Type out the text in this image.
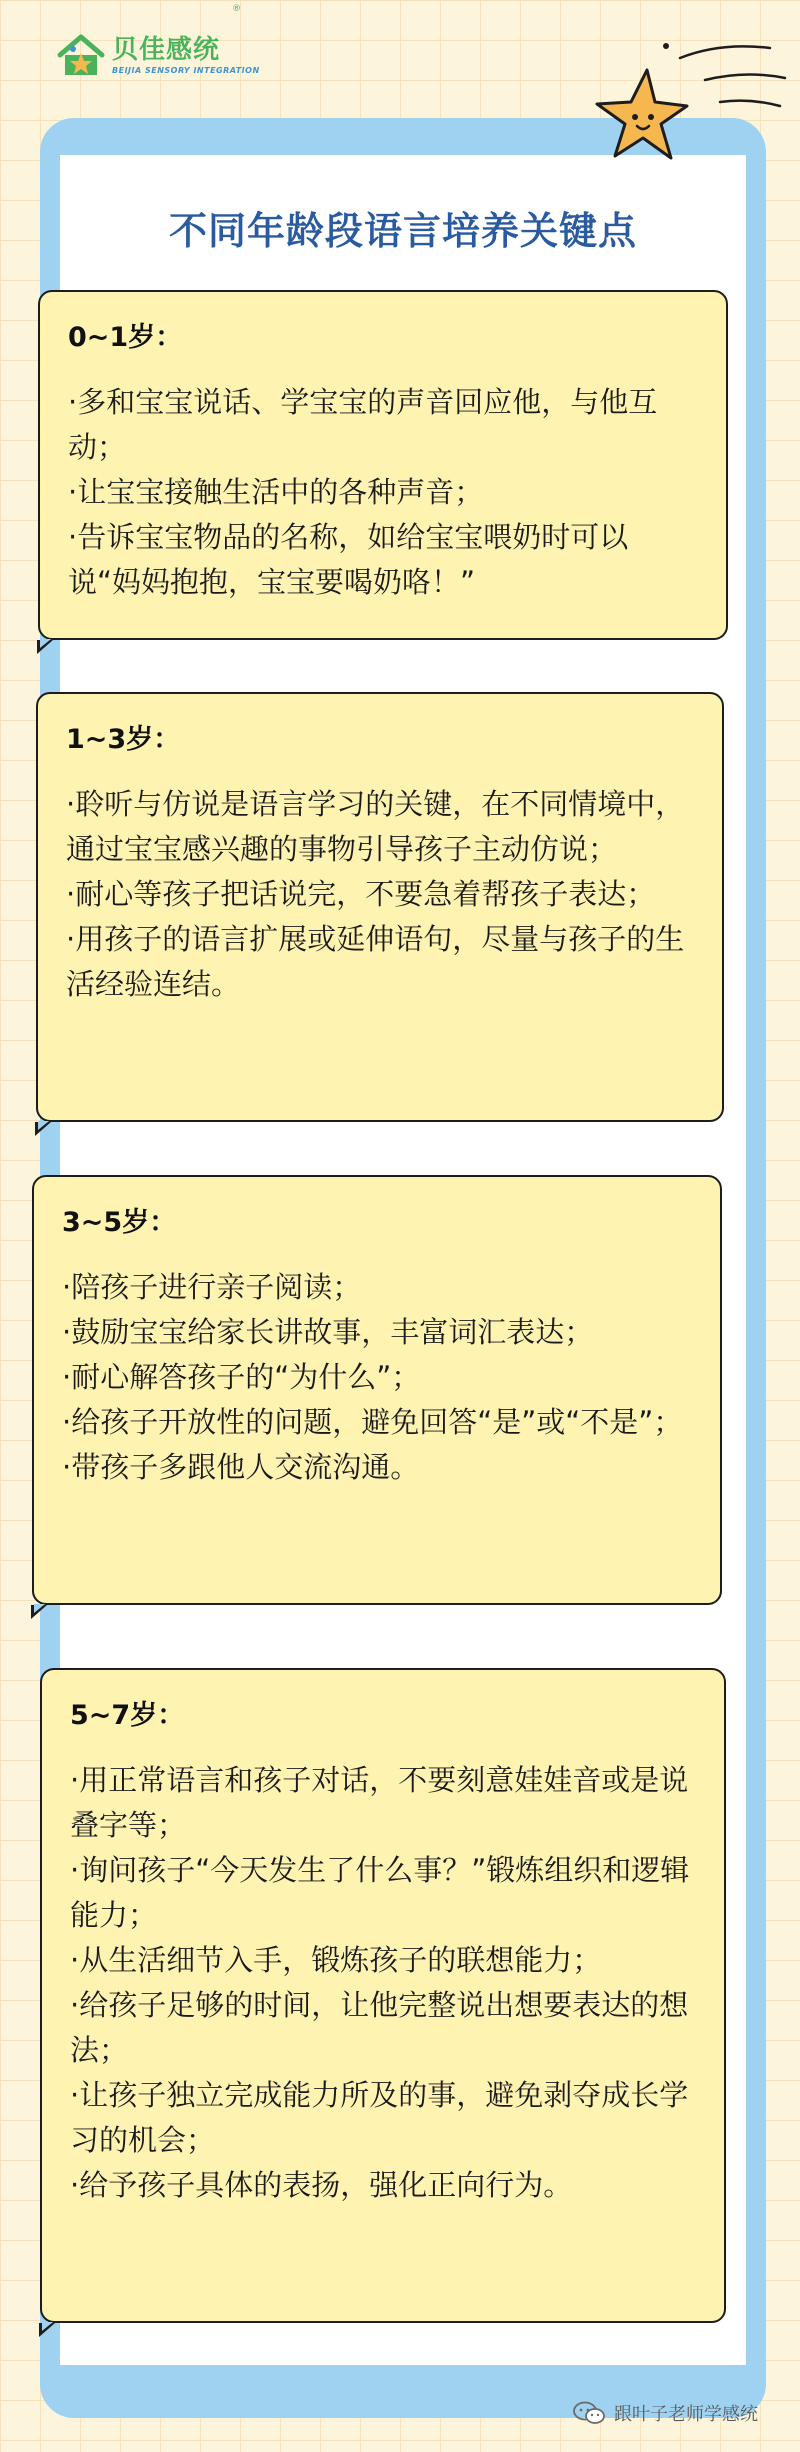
贝佳感统
BEIJIA SENSORY INTEGRATION
®
不同年龄段语言培养关键点
0~1岁：
·多和宝宝说话、学宝宝的声音回应他，与他互动；
·让宝宝接触生活中的各种声音；
·告诉宝宝物品的名称，如给宝宝喂奶时可以说“妈妈抱抱，宝宝要喝奶咯！”
1~3岁：
·聆听与仿说是语言学习的关键，在不同情境中，通过宝宝感兴趣的事物引导孩子主动仿说；
·耐心等孩子把话说完，不要急着帮孩子表达；
·用孩子的语言扩展或延伸语句，尽量与孩子的生活经验连结。
3~5岁：
·陪孩子进行亲子阅读；
·鼓励宝宝给家长讲故事，丰富词汇表达；
·耐心解答孩子的“为什么”；
·给孩子开放性的问题，避免回答“是”或“不是”；
·带孩子多跟他人交流沟通。
5~7岁：
·用正常语言和孩子对话，不要刻意娃娃音或是说叠字等；
·询问孩子“今天发生了什么事？”锻炼组织和逻辑能力；
·从生活细节入手，锻炼孩子的联想能力；
·给孩子足够的时间，让他完整说出想要表达的想法；
·让孩子独立完成能力所及的事，避免剥夺成长学习的机会；
·给予孩子具体的表扬，强化正向行为。
跟叶子老师学感统
